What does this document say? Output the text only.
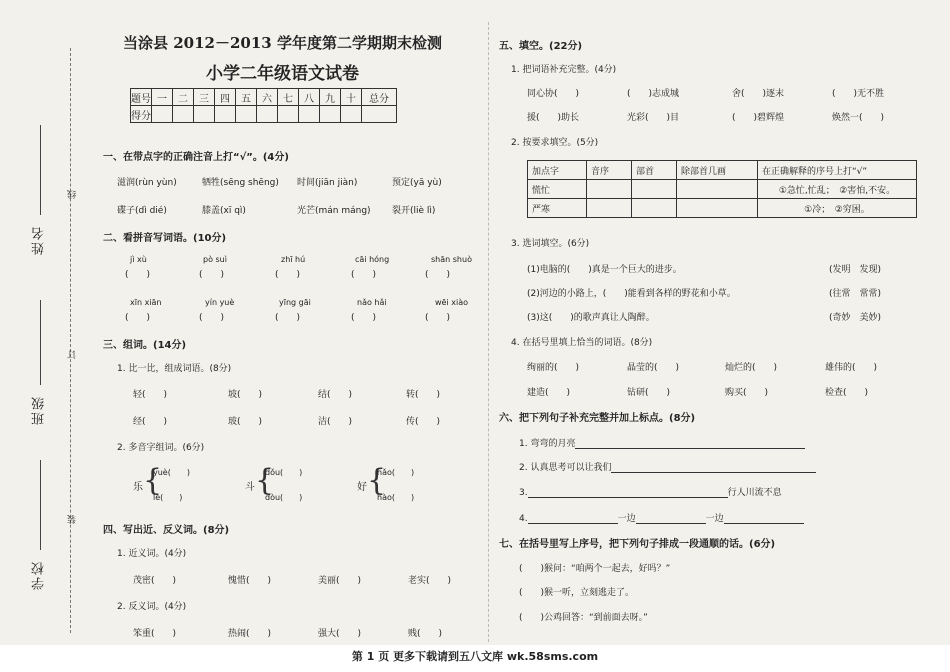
姓名
班级
学校
线
订
装
当涂县 2012－2013 学年度第二学期期末检测
小学二年级语文试卷
题号	一	二	三	四	五	六	七	八	九	十	总分
得分											
一、在带点字的正确注音上打“√”。(4分)
滋润(rùn yùn)	牺牲(sēng shēng)	时间(jiān jiàn)	预定(yā yù)
碟子(dì dié)	膝盖(xī qì)	光芒(mán máng)	裂开(liè lì)
二、看拼音写词语。(10分)
jì xù	pò suì	zhī hú	cāi hóng	shān shuò
(　　)	(　　)	(　　)	(　　)	(　　)
xīn xiān	yín yuè	yīng gāi	nǎo hǎi	wēi xiào
(　　)	(　　)	(　　)	(　　)	(　　)
三、组词。(14分)
1. 比一比，组成词语。(8分)
轻(　　)	坡(　　)	结(　　)	转(　　)
经(　　)	玻(　　)	洁(　　)	传(　　)
2. 多音字组词。(6分)
乐 {
yuè(　　)
lè(　　)
斗 {
dǒu(　　)
dòu(　　)
好 {
hǎo(　　)
hào(　　)
四、写出近、反义词。(8分)
1. 近义词。(4分)
茂密(　　)	愧惜(　　)	美丽(　　)	老实(　　)
2. 反义词。(4分)
笨重(　　)	热闹(　　)	强大(　　)	贱(　　)
五、填空。(22分)
1. 把词语补充完整。(4分)
同心协(　　)	(　　)志成城	舍(　　)逐末	(　　)无不胜
援(　　)助长	光彩(　　)目	(　　)碧辉煌	焕然一(　　)
2. 按要求填空。(5分)
加点字	音序	部首	除部首几画	在正确解释的序号上打“√”
慌忙				①急忙,忙乱；　②害怕,不安。
严寒				①冷；　②穷困。
3. 选词填空。(6分)
(1)电脑的(　　)真是一个巨大的进步。	(发明　发现)
(2)河边的小路上，(　　)能看到各样的野花和小草。	(往常　常常)
(3)这(　　)的歌声真让人陶醉。	(奇妙　美妙)
4. 在括号里填上恰当的词语。(8分)
绚丽的(　　)	晶莹的(　　)	灿烂的(　　)	雄伟的(　　)
建造(　　)	钻研(　　)	购买(　　)	检查(　　)
六、把下列句子补充完整并加上标点。(8分)
1. 弯弯的月亮
2. 认真思考可以让我们
3.	行人川流不息
4.	一边	一边
七、在括号里写上序号，把下列句子排成一段通顺的话。(6分)
(　　)猴问：“咱两个一起去，好吗？”
(　　)猴一听，立刻逃走了。
(　　)公鸡回答：“到前面去呀。”
第 1 页 更多下载请到五八文库 wk.58sms.com
